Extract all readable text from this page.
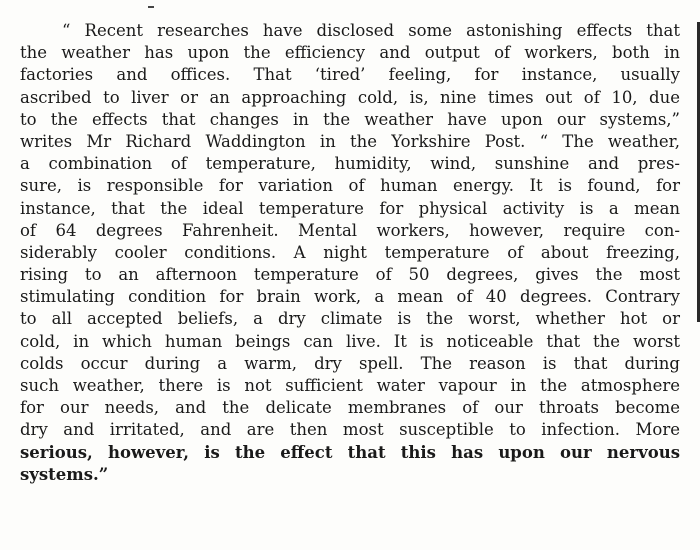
“ Recent researches have disclosed some astonishing effects that
the weather has upon the efficiency and output of workers, both in
factories and offices. That ‘tired’ feeling, for instance, usually
ascribed to liver or an approaching cold, is, nine times out of 10, due
to the effects that changes in the weather have upon our systems,”
writes Mr Richard Waddington in the Yorkshire Post. “ The weather,
a combination of temperature, humidity, wind, sunshine and pres-
sure, is responsible for variation of human energy. It is found, for
instance, that the ideal temperature for physical activity is a mean
of 64 degrees Fahrenheit. Mental workers, however, require con-
siderably cooler conditions. A night temperature of about freezing,
rising to an afternoon temperature of 50 degrees, gives the most
stimulating condition for brain work, a mean of 40 degrees. Contrary
to all accepted beliefs, a dry climate is the worst, whether hot or
cold, in which human beings can live. It is noticeable that the worst
colds occur during a warm, dry spell. The reason is that during
such weather, there is not sufficient water vapour in the atmosphere
for our needs, and the delicate membranes of our throats become
dry and irritated, and are then most susceptible to infection. More
serious, however, is the effect that this has upon our nervous
systems.”
